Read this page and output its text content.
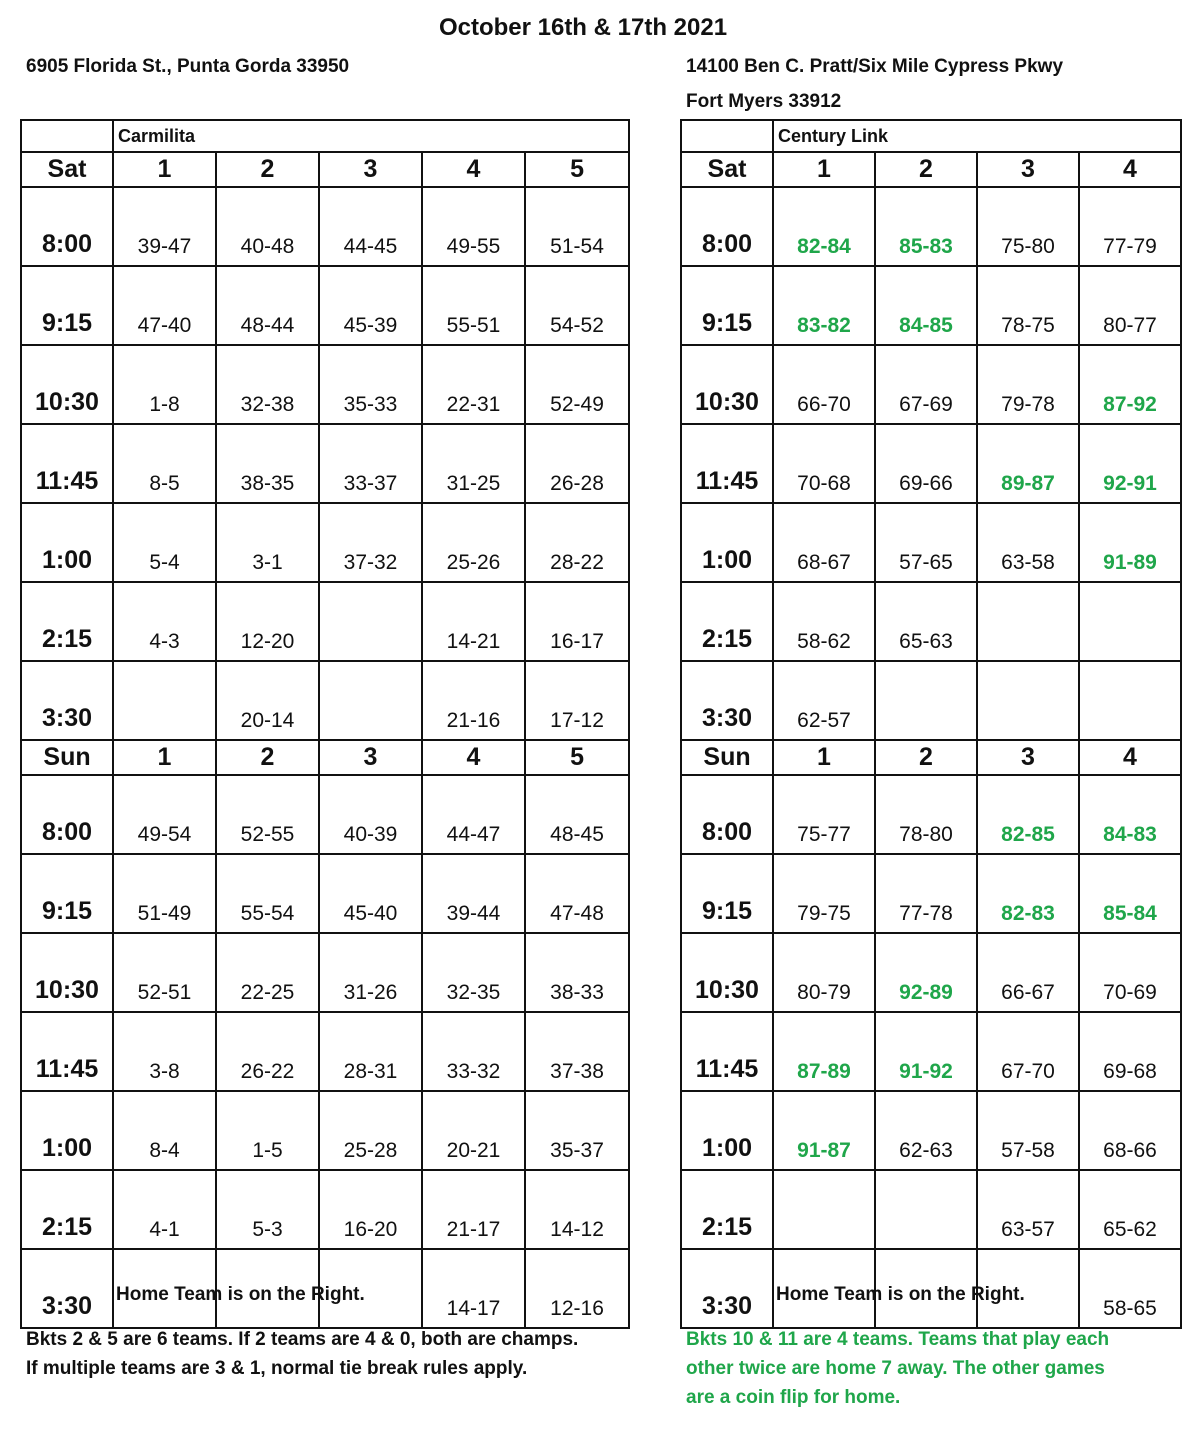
October 16th & 17th 2021
6905 Florida St., Punta Gorda 33950	14100 Ben C. Pratt/Six Mile Cypress Pkwy
Fort Myers 33912
	Carmilita				
Sat	1	2	3	4	5
8:00	39-47	40-48	44-45	49-55	51-54
9:15	47-40	48-44	45-39	55-51	54-52
10:30	1-8	32-38	35-33	22-31	52-49
11:45	8-5	38-35	33-37	31-25	26-28
1:00	5-4	3-1	37-32	25-26	28-22
2:15	4-3	12-20		14-21	16-17
3:30		20-14		21-16	17-12
Sun	1	2	3	4	5
8:00	49-54	52-55	40-39	44-47	48-45
9:15	51-49	55-54	45-40	39-44	47-48
10:30	52-51	22-25	31-26	32-35	38-33
11:45	3-8	26-22	28-31	33-32	37-38
1:00	8-4	1-5	25-28	20-21	35-37
2:15	4-1	5-3	16-20	21-17	14-12
3:30				14-17	12-16
	Century Link			
Sat	1	2	3	4
8:00	82-84	85-83	75-80	77-79
9:15	83-82	84-85	78-75	80-77
10:30	66-70	67-69	79-78	87-92
11:45	70-68	69-66	89-87	92-91
1:00	68-67	57-65	63-58	91-89
2:15	58-62	65-63		
3:30	62-57			
Sun	1	2	3	4
8:00	75-77	78-80	82-85	84-83
9:15	79-75	77-78	82-83	85-84
10:30	80-79	92-89	66-67	70-69
11:45	87-89	91-92	67-70	69-68
1:00	91-87	62-63	57-58	68-66
2:15			63-57	65-62
3:30				58-65
Home Team is on the Right.	Home Team is on the Right.
Bkts 2 & 5 are 6 teams. If 2 teams are 4 & 0, both are champs.
If multiple teams are 3 & 1, normal tie break rules apply.
Bkts 10 & 11 are 4 teams. Teams that play each
other twice are home 7 away. The other games
are a coin flip for home.
